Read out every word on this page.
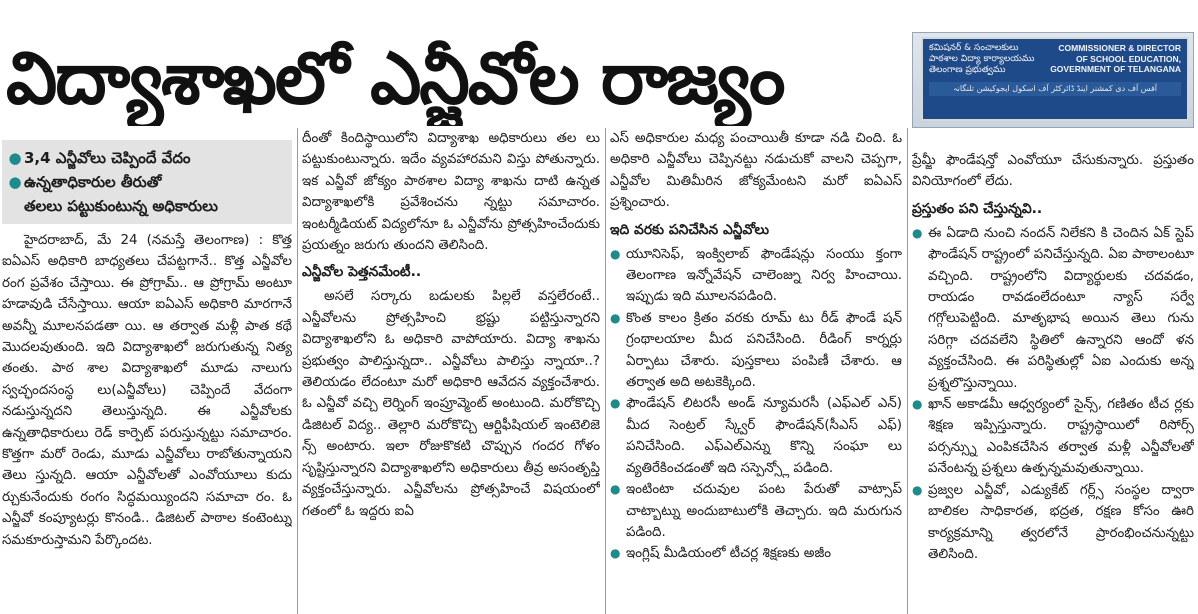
విద్యాశాఖలో ఎన్జీవోల రాజ్యం	కమిషనర్ & సంచాలకులు
పాఠశాల విద్యా కార్యాలయము
తెలంగాణ ప్రభుత్వము
COMMISSIONER & DIRECTOR
OF SCHOOL EDUCATION,
GOVERNMENT OF TELANGANA
آفس آف دی کمشنر اینڈ ڈائرکٹر آف اسکول ایجوکیشن تلنگانہ
● 3,4 ఎన్జీవోలు చెప్పిందే వేదం
● ఉన్నతాధికారుల తీరుతో
తలలు పట్టుకుంటున్న అధికారులు
హైదరాబాద్, మే 24 (నమస్తే తెలంగాణ) : కొత్త ఐఏఎస్ అధికారి బాధ్యతలు చేపట్టగానే.. కొత్త ఎన్జీవోల రంగ ప్రవేశం చేస్తాయి. ఈ ప్రోగ్రామ్.. ఆ ప్రోగ్రామ్ అంటూ హడావుడి చేసేస్తాయి. ఆయా ఐఏఎస్ అధికారి మారగానే అవన్నీ మూలనపడతా యి. ఆ తర్వాత మళ్లీ పాత కథే మొదలవుతుంది. ఇది విద్యాశాఖలో జరుగుతున్న నిత్య తంతు. పాఠ శాల విద్యాశాఖలో మూడు నాలుగు స్వచ్ఛందసంస్థ లు(ఎన్జీవోలు) చెప్పిందే వేదంగా నడుస్తున్నదని తెలుస్తున్నది. ఈ ఎన్జీవోలకు ఉన్నతాధికారులు రెడ్ కార్పెట్ పరుస్తున్నట్టు సమాచారం. కొత్తగా మరో రెండు, మూడు ఎన్జీవోలు రాబోతున్నాయని తెలు స్తున్నది. ఆయా ఎన్జీవోలతో ఎంవోయూలు కుదు ర్చుకునేందుకు రంగం సిద్ధమయ్యిందని సమాచా రం. ఓ ఎన్జీవో కంప్యూటర్లు కొనండి.. డిజిటల్ పాఠాల కంటెంట్ను సమకూరుస్తామని పేర్కొందట.
దీంతో కిందిస్థాయిలోని విద్యాశాఖ అధికారులు తల లు పట్టుకుంటున్నారు. ఇదేం వ్యవహారమని విస్తు పోతున్నారు. ఇక ఎన్జీవో జోక్యం పాఠశాల విద్యా శాఖను దాటి ఉన్నత విద్యాశాఖలోకి ప్రవేశించను న్నట్టు సమాచారం. ఇంటర్మీడియట్ విద్యలోనూ ఓ ఎన్జీవోను ప్రోత్సహించేందుకు ప్రయత్నం జరుగు తుందని తెలిసింది.
ఎన్జీవోల పెత్తనమేంటీ..
అసలే సర్కారు బడులకు పిల్లలే వస్తలేరంటే.. ఎన్జీవోలను ప్రోత్సహించి భ్రష్టు పట్టిస్తున్నారని విద్యాశాఖలోని ఓ అధికారి వాపోయారు. విద్యా శాఖను ప్రభుత్వం పాలిస్తున్నదా.. ఎన్జీవోలు పాలిస్తు న్నాయా..? తెలియడం లేదంటూ మరో అధికారి ఆవేదన వ్యక్తంచేశారు. ఓ ఎన్జీవో వచ్చి లెర్నింగ్ ఇంప్రూవ్మెంట్ అంటుంది. మరోకొచ్చి డిజిటల్ విద్య.. తెల్లారి మరోకొచ్చి ఆర్టిఫీషియల్ ఇంటెలిజె న్స్ అంటారు. ఇలా రోజుకొకటి చొప్పున గందర గోళం సృష్టిస్తున్నారని విద్యాశాఖలోని అధికారులు తీవ్ర అసంతృప్తి వ్యక్తంచేస్తున్నారు. ఎన్జీవోలను ప్రోత్సహించే విషయంలో గతంలో ఓ ఇద్దరు ఐఏ
ఎస్ అధికారుల మధ్య పంచాయితీ కూడా నడి చింది. ఓ అధికారి ఎన్జీవోలు చెప్పినట్టు నడుచుకో వాలని చెప్పగా, ఎన్జీవోల మితిమీరిన జోక్యమేంటని మరో ఐఏఎస్ ప్రశ్నించారు.
ఇది వరకు పనిచేసిన ఎన్జీవోలు
● యూనిసెఫ్, ఇంక్విలాబ్ ఫౌండేషన్లు సంయు క్తంగా తెలంగాణ ఇన్నోవేషన్ చాలెంజ్ను నిర్వ హించాయి. ఇప్పుడు ఇది మూలనపడింది.
● కొంత కాలం క్రితం వరకు రూమ్ టు రీడ్ ఫౌండే షన్ గ్రంథాలయాల మీద పనిచేసింది. రీడింగ్ కార్నర్లు ఏర్పాటు చేశారు. పుస్తకాలు పంపిణీ చేశారు. ఆ తర్వాత అది అటకెక్కింది.
● ఫౌండేషన్ లిటరసీ అండ్ న్యూమరసీ (ఎఫ్ఎల్ ఎన్) మీద సెంట్రల్ స్క్వేర్ ఫౌండేషన్(సీఎస్ ఎఫ్) పనిచేసింది. ఎఫ్ఎల్ఎన్ను కొన్ని సంఘా లు వ్యతిరేకించడంతో ఇది సస్పెన్స్లో పడింది.
● ఇంటింటా చదువుల పంట పేరుతో వాట్సాప్ చాట్బాట్ను అందుబాటులోకి తెచ్చారు. ఇది మరుగున పడింది.
● ఇంగ్లిష్ మీడియంలో టీచర్ల శిక్షణకు అజీం
ప్రేమ్జీ ఫౌండేషన్తో ఎంవోయూ చేసుకున్నారు. ప్రస్తుతం వినియోగంలో లేదు.
ప్రస్తుతం పని చేస్తున్నవి..
● ఈ ఏడాది నుంచి నందన్ నిలేకని కి చెందిన ఏక్ స్టెప్ ఫౌండేషన్ రాష్ట్రంలో పనిచేస్తున్నది. ఏఐ పాఠాలంటూ వచ్చింది. రాష్ట్రంలోని విద్యార్థులకు చదవడం, రాయడం రావడంలేదంటూ న్యాస్ సర్వే గగ్గోలుపెట్టింది. మాతృభాష అయిన తెలు గును సరిగ్గా చదవలేని స్థితిలో ఉన్నారని ఆందో ళన వ్యక్తంచేసింది. ఈ పరిస్థితుల్లో ఏఐ ఎందుకు అన్న ప్రశ్నలొస్తున్నాయి.
● ఖాన్ అకాడమీ ఆధ్వర్యంలో సైన్స్, గణితం టీచ ర్లకు శిక్షణ ఇప్పిస్తున్నారు. రాష్ట్రస్థాయిలో రిసోర్స్ పర్సన్స్ను ఎంపికచేసిన తర్వాత మళ్లీ ఎన్జీవోలతో పనేంటన్న ప్రశ్నలు ఉత్పన్నమవుతున్నాయి.
● ప్రజ్వల ఎన్జీవో, ఎడ్యుకేట్ గర్ల్స్ సంస్థల ద్వారా బాలికల సాధికారత, భద్రత, రక్షణ కోసం ఊరి కార్యక్రమాన్ని త్వరలోనే ప్రారంభించనున్నట్టు తెలిసింది.
